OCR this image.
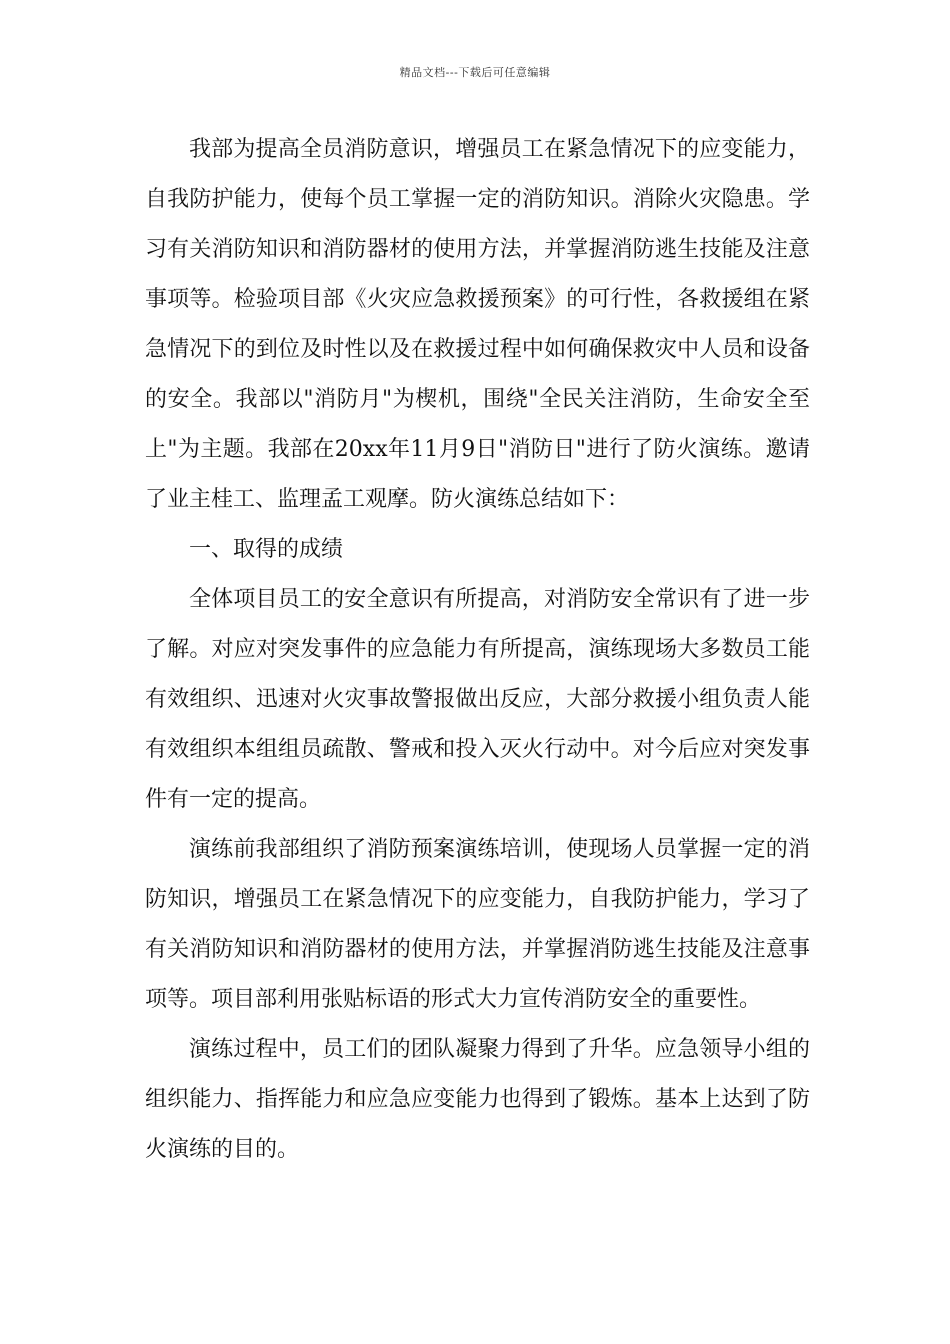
精品文档---下载后可任意编辑

我部为提高全员消防意识，增强员工在紧急情况下的应变能力，自我防护能力，使每个员工掌握一定的消防知识。消除火灾隐患。学习有关消防知识和消防器材的使用方法，并掌握消防逃生技能及注意事项等。检验项目部《火灾应急救援预案》的可行性，各救援组在紧急情况下的到位及时性以及在救援过程中如何确保救灾中人员和设备的安全。我部以"消防月"为楔机，围绕"全民关注消防，生命安全至上"为主题。我部在20xx年11月9日"消防日"进行了防火演练。邀请了业主桂工、监理孟工观摩。防火演练总结如下：

一、取得的成绩

全体项目员工的安全意识有所提高，对消防安全常识有了进一步了解。对应对突发事件的应急能力有所提高，演练现场大多数员工能有效组织、迅速对火灾事故警报做出反应，大部分救援小组负责人能有效组织本组组员疏散、警戒和投入灭火行动中。对今后应对突发事件有一定的提高。

演练前我部组织了消防预案演练培训，使现场人员掌握一定的消防知识，增强员工在紧急情况下的应变能力，自我防护能力，学习了有关消防知识和消防器材的使用方法，并掌握消防逃生技能及注意事项等。项目部利用张贴标语的形式大力宣传消防安全的重要性。

演练过程中，员工们的团队凝聚力得到了升华。应急领导小组的组织能力、指挥能力和应急应变能力也得到了锻炼。基本上达到了防火演练的目的。
